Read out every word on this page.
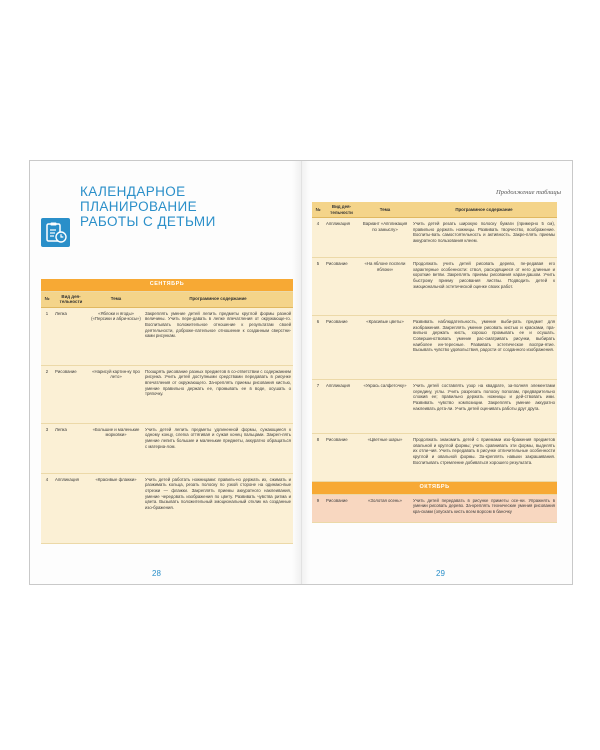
КАЛЕНДАРНОЕ ПЛАНИРОВАНИЕ
РАБОТЫ С ДЕТЬМИ
СЕНТЯБРЬ			
№	Вид дея-тельности	Тема	Программное содержание
1	Лепка	«Яблоки и ягоды» («Персики и абри-косы»)	Закреплять умение детей лепить предметы круглой формы разной величины. Учить пере-давать в лепке впечатления от окружающе-го. Воспитывать положительное отношение к результатам своей деятельности, доброже-лательное отношение к созданным сверстни-ками рисункам.
2	Рисование	«Нарисуй картин-ку про лето»	Поощрять рисование разных предметов в со-ответствии с содержанием рисунка. Учить детей доступными средствами передавать в рисунке впечатления от окружающего. За-креплять приемы рисования кистью, умение правильно держать ее, промывать ее в воде, осушать о тряпочку.
3	Лепка	«Большие и маленькие морковки»	Учить детей лепить предметы удлиненной формы, сужающиеся к одному концу, слегка оттягивая и сужая конец пальцами. Закреп-лять умение лепить большие и маленькие предметы, аккуратно обращаться с материа-лом.
4	Аппликация	«Красивые флажки»	Учить детей работать ножницами: правиль-но держать их, сжимать и разжимать кольца, резать полоску по узкой стороне на одинако-вые отрезки — флажки. Закреплять приемы аккуратного наклеивания, умение чередовать изображения по цвету. Развивать чувства ритма и цвета. Вызывать положительный эмоциональный отклик на созданные изо-бражения.
28
Продолжение таблицы
№	Вид дея-тельности	Тема	Программное содержание
4	Аппликация	Вариант «Аппликация по замыслу»	Учить детей резать широкую полоску бумаги (примерно 5 см), правильно держать ножницы. Развивать творчество, воображение. Воспиты-вать самостоятельность и активность. Закре-плять приемы аккуратного пользования клеем.
5	Рисование	«На яблоне поспели яблоки»	Продолжать учить детей рисовать дерево, пе-редавая его характерные особенности: ствол, расходящиеся от него длинные и короткие ветви. Закреплять приемы рисования каран-дашом. Учить быстрому приему рисования листвы. Подводить детей к эмоциональной эстетической оценке своих работ.
6	Рисование	«Красивые цветы»	Развивать наблюдательность, умение выби-рать предмет для изображения. Закреплять умение рисовать кистью и красками, пра-вильно держать кисть, хорошо промывать ее и осушать. Совершенствовать умение рас-сматривать рисунки, выбирать наиболее ин-тересные. Развивать эстетическое воспри-ятие. Вызывать чувство удовольствия, радости от созданного изображения.
7	Аппликация	«Укрась салфеточку»	Учить детей составлять узор на квадрате, за-полняя элементами середину, углы. Учить разрезать полоску пополам, предварительно сложив ее; правильно держать ножницы и дей-ствовать ими. Развивать чувство композиции. Закреплять умение аккуратно наклеивать дета-ли. Учить детей оценивать работы друг друга.
8	Рисование	«Цветные шары»	Продолжать знакомить детей с приемами изо-бражения предметов овальной и круглой формы; учить сравнивать эти формы, выделять их отли-чия. Учить передавать в рисунке отличительные особенности круглой и овальной формы. За-креплять навыки закрашивания. Воспитывать стремление добиваться хорошего результата.
ОКТЯБРЬ			
9	Рисование	«Золотая осень»	Учить детей передавать в рисунке приметы осе-ни. Упражнять в умении рисовать дерево. За-креплять технические умения рисования кра-сками (опускать кисть всем ворсом в баночку
29
